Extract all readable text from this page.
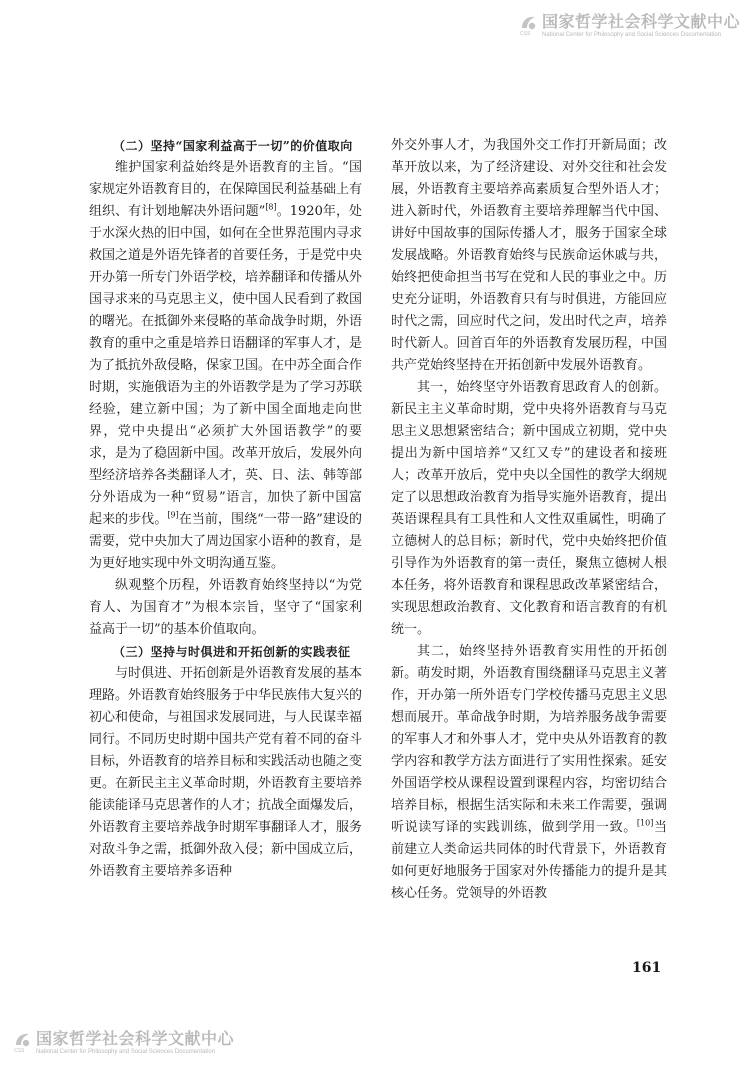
CSS
国家哲学社会科学文献中心
National Center for Philosophy and Social Sciences Documentation

（二）坚持“国家利益高于一切”的价值取向

维护国家利益始终是外语教育的主旨。“国家规定外语教育目的，在保障国民利益基础上有组织、有计划地解决外语问题”[8]。1920年，处于水深火热的旧中国，如何在全世界范围内寻求救国之道是外语先锋者的首要任务，于是党中央开办第一所专门外语学校，培养翻译和传播从外国寻求来的马克思主义，使中国人民看到了救国的曙光。在抵御外来侵略的革命战争时期，外语教育的重中之重是培养日语翻译的军事人才，是为了抵抗外敌侵略，保家卫国。在中苏全面合作时期，实施俄语为主的外语教学是为了学习苏联经验，建立新中国；为了新中国全面地走向世界，党中央提出“必须扩大外国语教学”的要求，是为了稳固新中国。改革开放后，发展外向型经济培养各类翻译人才，英、日、法、韩等部分外语成为一种“贸易”语言，加快了新中国富起来的步伐。[9]在当前，围绕“一带一路”建设的需要，党中央加大了周边国家小语种的教育，是为更好地实现中外文明沟通互鉴。

纵观整个历程，外语教育始终坚持以“为党育人、为国育才”为根本宗旨，坚守了“国家利益高于一切”的基本价值取向。

（三）坚持与时俱进和开拓创新的实践表征

与时俱进、开拓创新是外语教育发展的基本理路。外语教育始终服务于中华民族伟大复兴的初心和使命，与祖国求发展同进，与人民谋幸福同行。不同历史时期中国共产党有着不同的奋斗目标，外语教育的培养目标和实践活动也随之变更。在新民主主义革命时期，外语教育主要培养能读能译马克思著作的人才；抗战全面爆发后，外语教育主要培养战争时期军事翻译人才，服务对敌斗争之需，抵御外敌入侵；新中国成立后，外语教育主要培养多语种

外交外事人才，为我国外交工作打开新局面；改革开放以来，为了经济建设、对外交往和社会发展，外语教育主要培养高素质复合型外语人才；进入新时代，外语教育主要培养理解当代中国、讲好中国故事的国际传播人才，服务于国家全球发展战略。外语教育始终与民族命运休戚与共，始终把使命担当书写在党和人民的事业之中。历史充分证明，外语教育只有与时俱进，方能回应时代之需，回应时代之问，发出时代之声，培养时代新人。回首百年的外语教育发展历程，中国共产党始终坚持在开拓创新中发展外语教育。

其一，始终坚守外语教育思政育人的创新。新民主主义革命时期，党中央将外语教育与马克思主义思想紧密结合；新中国成立初期，党中央提出为新中国培养“又红又专”的建设者和接班人；改革开放后，党中央以全国性的教学大纲规定了以思想政治教育为指导实施外语教育，提出英语课程具有工具性和人文性双重属性，明确了立德树人的总目标；新时代，党中央始终把价值引导作为外语教育的第一责任，聚焦立德树人根本任务，将外语教育和课程思政改革紧密结合，实现思想政治教育、文化教育和语言教育的有机统一。

其二，始终坚持外语教育实用性的开拓创新。萌发时期，外语教育围绕翻译马克思主义著作，开办第一所外语专门学校传播马克思主义思想而展开。革命战争时期，为培养服务战争需要的军事人才和外事人才，党中央从外语教育的教学内容和教学方法方面进行了实用性探索。延安外国语学校从课程设置到课程内容，均密切结合培养目标，根据生活实际和未来工作需要，强调听说读写译的实践训练，做到学用一致。[10]当前建立人类命运共同体的时代背景下，外语教育如何更好地服务于国家对外传播能力的提升是其核心任务。党领导的外语教

161
CSS
国家哲学社会科学文献中心
National Center for Philosophy and Social Sciences Documentation
